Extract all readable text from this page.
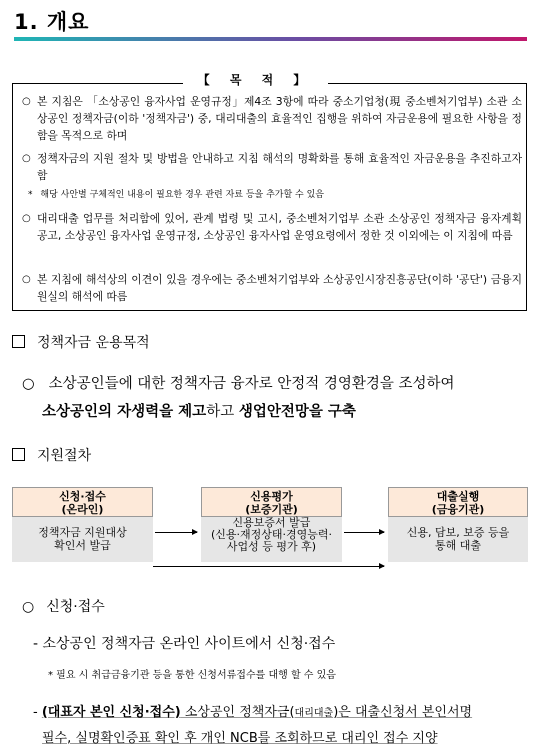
1. 개요
【 목 적 】
○ 본 지침은 「소상공인 융자사업 운영규정」제4조 3항에 따라 중소기업청(現 중소벤처기업부) 소관 소상공인 정책자금(이하 '정책자금') 중, 대리대출의 효율적인 집행을 위하여 자금운용에 필요한 사항을 정함을 목적으로 하며
○ 정책자금의 지원 절차 및 방법을 안내하고 지침 해석의 명확화를 통해 효율적인 자금운용을 추진하고자 함
* 해당 사안별 구체적인 내용이 필요한 경우 관련 자료 등을 추가할 수 있음
○ 대리대출 업무를 처리함에 있어, 관계 법령 및 고시, 중소벤처기업부 소관 소상공인 정책자금 융자계획 공고, 소상공인 융자사업 운영규정, 소상공인 융자사업 운영요령에서 정한 것 이외에는 이 지침에 따름
○ 본 지침에 해석상의 이견이 있을 경우에는 중소벤처기업부와 소상공인시장진흥공단(이하 '공단') 금융지원실의 해석에 따름
정책자금 운용목적
○ 소상공인들에 대한 정책자금 융자로 안정적 경영환경을 조성하여
소상공인의 자생력을 제고하고 생업안전망을 구축
지원절차
신청·접수
(온라인)
정책자금 지원대상
확인서 발급
신용평가
(보증기관)
신용보증서 발급
(신용·재정상태·경영능력·
사업성 등 평가 후)
대출실행
(금융기관)
신용, 담보, 보증 등을
통해 대출
○ 신청·접수
- 소상공인 정책자금 온라인 사이트에서 신청·접수
* 필요 시 취급금융기관 등을 통한 신청서류접수를 대행 할 수 있음
- (대표자 본인 신청·접수) 소상공인 정책자금(대리대출)은 대출신청서 본인서명
필수, 실명확인증표 확인 후 개인 NCB를 조회하므로 대리인 접수 지양
